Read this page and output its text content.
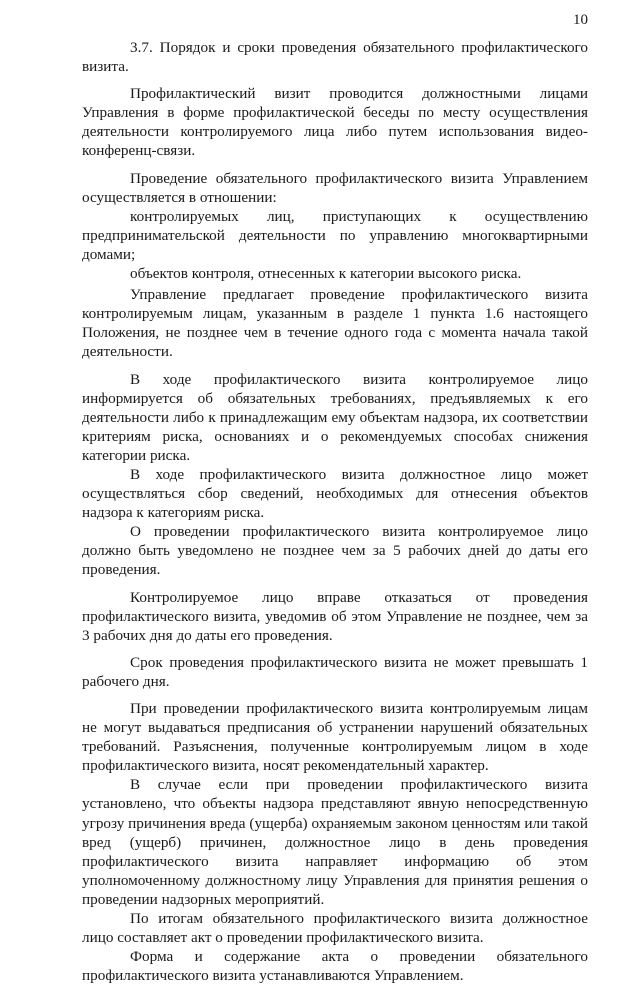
10

3.7. Порядок и сроки проведения обязательного профилактического визита.

Профилактический визит проводится должностными лицами Управления в форме профилактической беседы по месту осуществления деятельности контролируемого лица либо путем использования видео-конференц-связи.

Проведение обязательного профилактического визита Управлением осуществляется в отношении:

контролируемых лиц, приступающих к осуществлению предпринимательской деятельности по управлению многоквартирными домами;

объектов контроля, отнесенных к категории высокого риска.

Управление предлагает проведение профилактического визита контролируемым лицам, указанным в разделе 1 пункта 1.6 настоящего Положения, не позднее чем в течение одного года с момента начала такой деятельности.

В ходе профилактического визита контролируемое лицо информируется об обязательных требованиях, предъявляемых к его деятельности либо к принадлежащим ему объектам надзора, их соответствии критериям риска, основаниях и о рекомендуемых способах снижения категории риска.

В ходе профилактического визита должностное лицо может осуществляться сбор сведений, необходимых для отнесения объектов надзора к категориям риска.

О проведении профилактического визита контролируемое лицо должно быть уведомлено не позднее чем за 5 рабочих дней до даты его проведения.

Контролируемое лицо вправе отказаться от проведения профилактического визита, уведомив об этом Управление не позднее, чем за 3 рабочих дня до даты его проведения.

Срок проведения профилактического визита не может превышать 1 рабочего дня.

При проведении профилактического визита контролируемым лицам не могут выдаваться предписания об устранении нарушений обязательных требований. Разъяснения, полученные контролируемым лицом в ходе профилактического визита, носят рекомендательный характер.

В случае если при проведении профилактического визита установлено, что объекты надзора представляют явную непосредственную угрозу причинения вреда (ущерба) охраняемым законом ценностям или такой вред (ущерб) причинен, должностное лицо в день проведения профилактического визита направляет информацию об этом уполномоченному должностному лицу Управления для принятия решения о проведении надзорных мероприятий.

По итогам обязательного профилактического визита должностное лицо составляет акт о проведении профилактического визита.

Форма и содержание акта о проведении обязательного профилактического визита устанавливаются Управлением.
